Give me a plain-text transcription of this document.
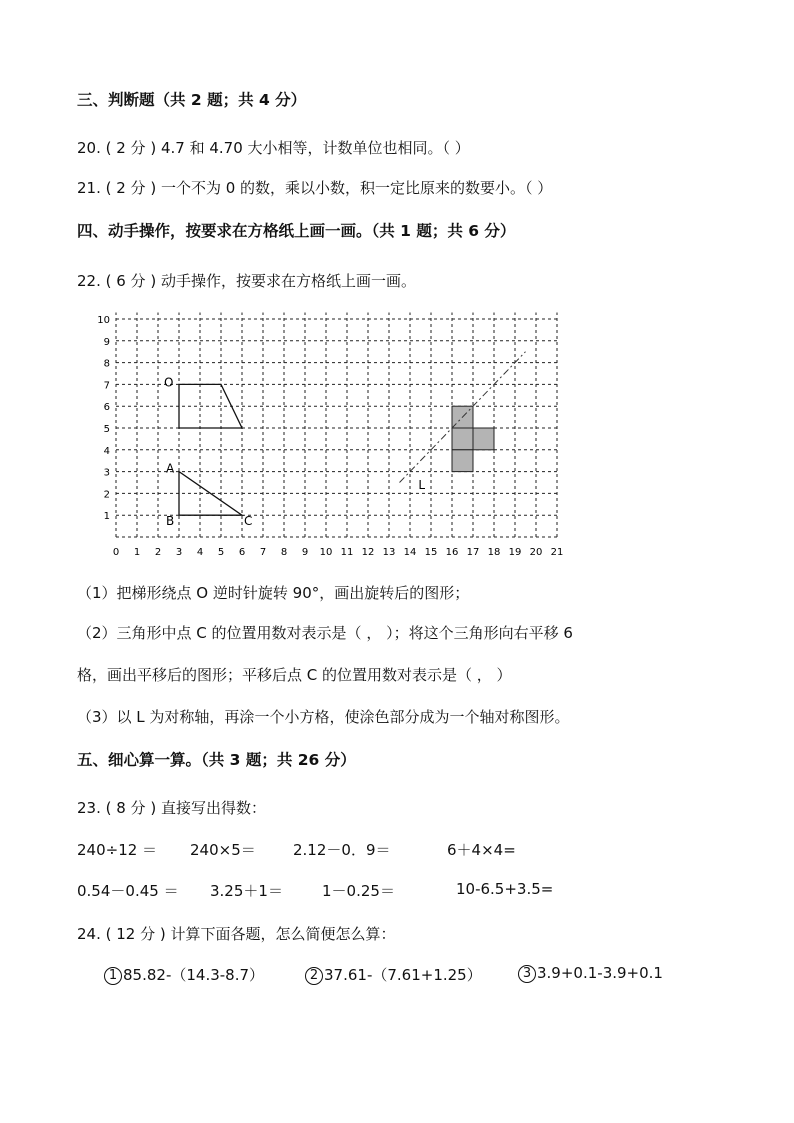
三、判断题（共 2 题；共 4 分）
20. ( 2 分 ) 4.7 和 4.70 大小相等，计数单位也相同。（ ）
21. ( 2 分 ) 一个不为 0 的数，乘以小数，积一定比原来的数要小。（ ）
四、动手操作，按要求在方格纸上画一画。（共 1 题；共 6 分）
22. ( 6 分 ) 动手操作，按要求在方格纸上画一画。
0 1 2 3 4 5 6 7 8 9 10 11 12 13 14 15 16 17 18 19 20 21
1
2
3
4
5
6
7
8
9
10
O
A
B	C
L
（1）把梯形绕点 O 逆时针旋转 90°，画出旋转后的图形；
（2）三角形中点 C 的位置用数对表示是（ ， ）；将这个三角形向右平移 6
格，画出平移后的图形；平移后点 C 的位置用数对表示是（ ， ）
（3）以 L 为对称轴，再涂一个小方格，使涂色部分成为一个轴对称图形。
五、细心算一算。（共 3 题；共 26 分）
23. ( 8 分 ) 直接写出得数：
240÷12 ＝ 240×5＝ 2.12－0．9＝	6＋4×4=
0.54－0.45 ＝ 3.25＋1＝	1－0.25＝	10-6.5+3.5=
24. ( 12 分 ) 计算下面各题，怎么简便怎么算：
1 85.82-（14.3-8.7）	2 37.61-（7.61+1.25）	3 3.9+0.1-3.9+0.1
